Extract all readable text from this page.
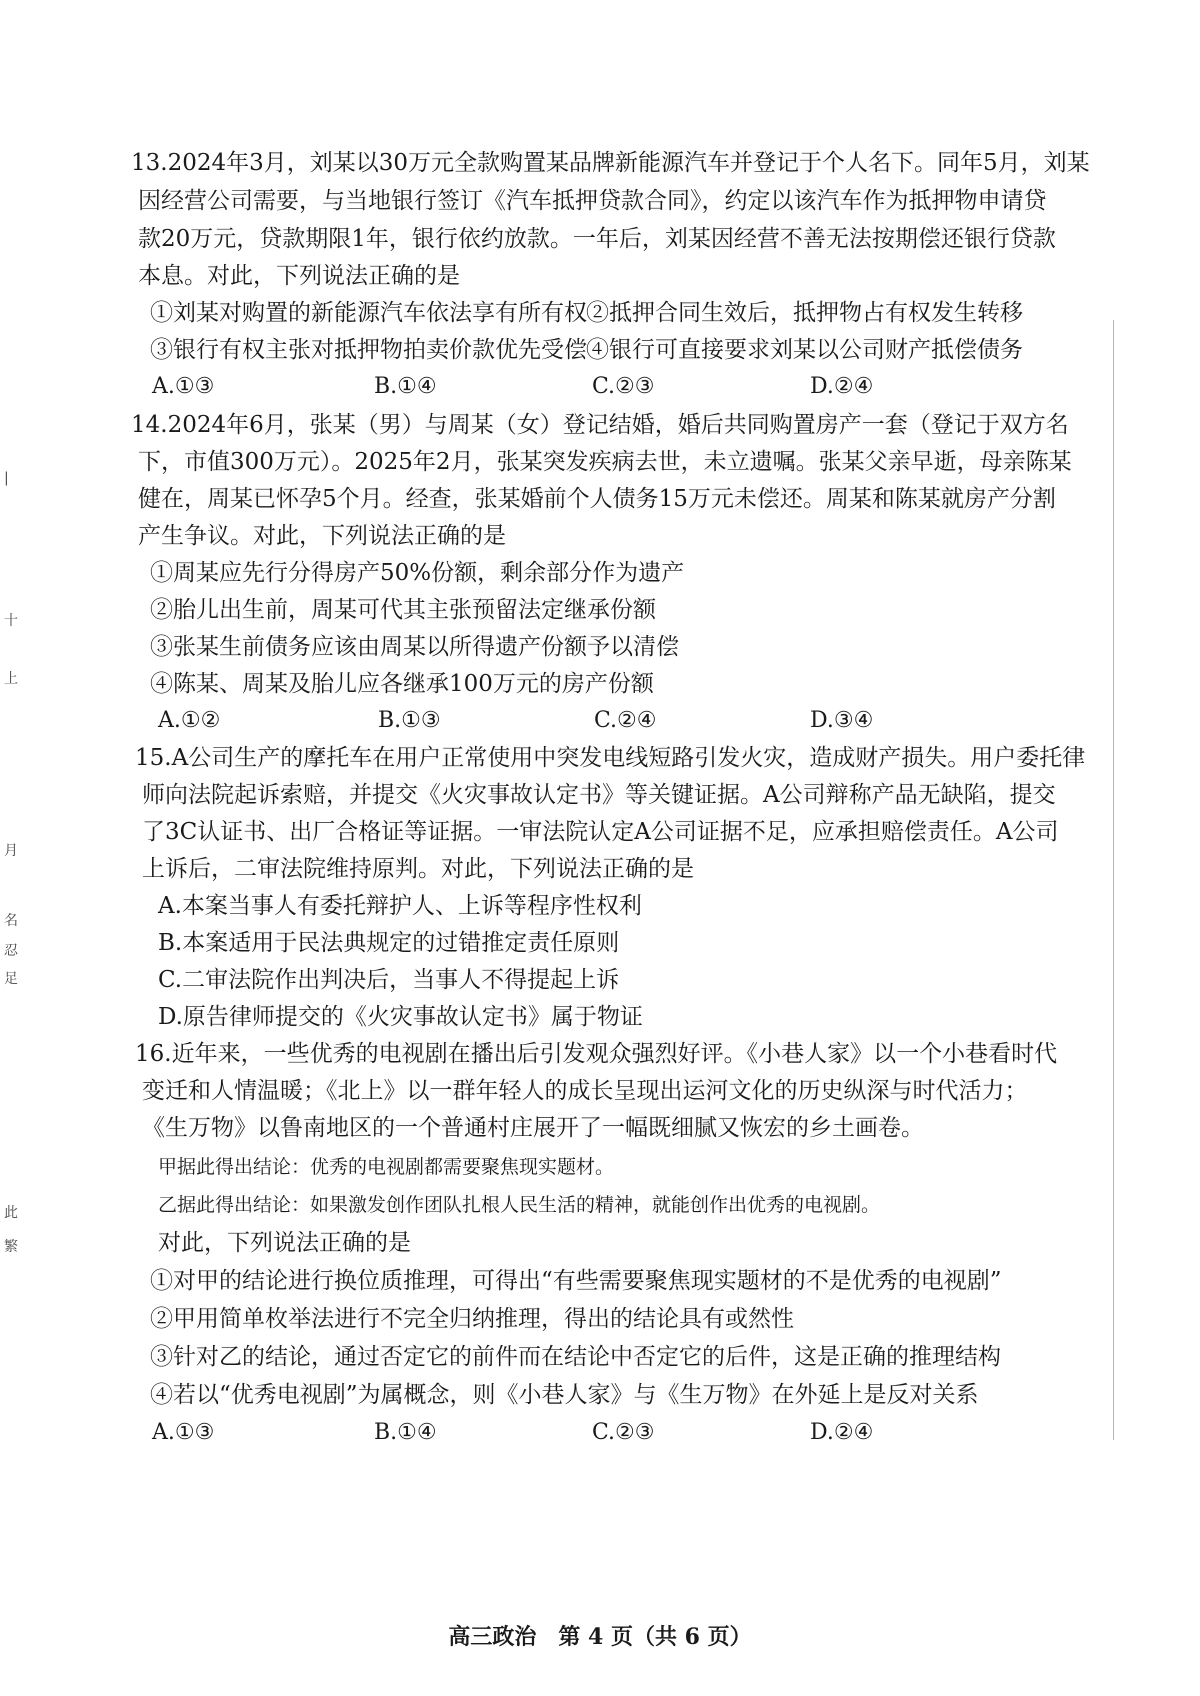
|
十
上
月
名
忍
足
此
繁
13.2024年3月，刘某以30万元全款购置某品牌新能源汽车并登记于个人名下。同年5月，刘某
因经营公司需要，与当地银行签订《汽车抵押贷款合同》，约定以该汽车作为抵押物申请贷
款20万元，贷款期限1年，银行依约放款。一年后，刘某因经营不善无法按期偿还银行贷款
本息。对此，下列说法正确的是
①刘某对购置的新能源汽车依法享有所有权 ②抵押合同生效后，抵押物占有权发生转移
③银行有权主张对抵押物拍卖价款优先受偿 ④银行可直接要求刘某以公司财产抵偿债务
A.①③	B.①④	C.②③	D.②④
14.2024年6月，张某（男）与周某（女）登记结婚，婚后共同购置房产一套（登记于双方名
下，市值300万元）。2025年2月，张某突发疾病去世，未立遗嘱。张某父亲早逝，母亲陈某
健在，周某已怀孕5个月。经查，张某婚前个人债务15万元未偿还。周某和陈某就房产分割
产生争议。对此，下列说法正确的是
①周某应先行分得房产50%份额，剩余部分作为遗产
②胎儿出生前，周某可代其主张预留法定继承份额
③张某生前债务应该由周某以所得遗产份额予以清偿
④陈某、周某及胎儿应各继承100万元的房产份额
A.①②	B.①③	C.②④	D.③④
15.A公司生产的摩托车在用户正常使用中突发电线短路引发火灾，造成财产损失。用户委托律
师向法院起诉索赔，并提交《火灾事故认定书》等关键证据。A公司辩称产品无缺陷，提交
了3C认证书、出厂合格证等证据。一审法院认定A公司证据不足，应承担赔偿责任。A公司
上诉后，二审法院维持原判。对此，下列说法正确的是
A.本案当事人有委托辩护人、上诉等程序性权利
B.本案适用于民法典规定的过错推定责任原则
C.二审法院作出判决后，当事人不得提起上诉
D.原告律师提交的《火灾事故认定书》属于物证
16.近年来，一些优秀的电视剧在播出后引发观众强烈好评。《小巷人家》以一个小巷看时代
变迁和人情温暖；《北上》以一群年轻人的成长呈现出运河文化的历史纵深与时代活力；
《生万物》以鲁南地区的一个普通村庄展开了一幅既细腻又恢宏的乡土画卷。
甲据此得出结论：优秀的电视剧都需要聚焦现实题材。
乙据此得出结论：如果激发创作团队扎根人民生活的精神，就能创作出优秀的电视剧。
对此，下列说法正确的是
①对甲的结论进行换位质推理，可得出“有些需要聚焦现实题材的不是优秀的电视剧”
②甲用简单枚举法进行不完全归纳推理，得出的结论具有或然性
③针对乙的结论，通过否定它的前件而在结论中否定它的后件，这是正确的推理结构
④若以“优秀电视剧”为属概念，则《小巷人家》与《生万物》在外延上是反对关系
A.①③	B.①④	C.②③	D.②④
高三政治　第 4 页（共 6 页）
